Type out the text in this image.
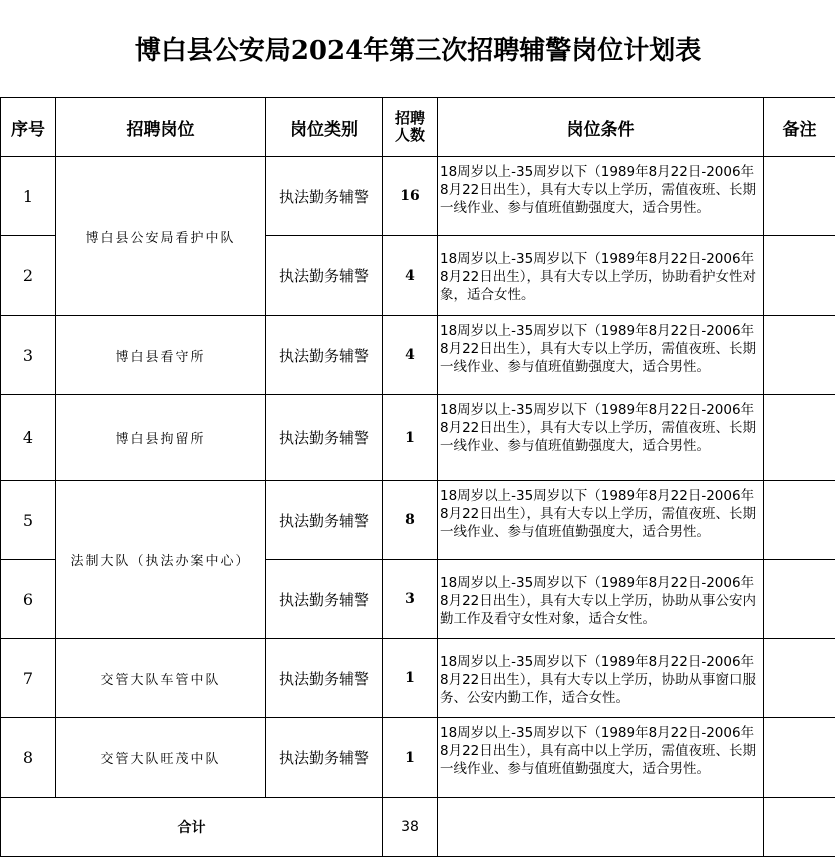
博白县公安局2024年第三次招聘辅警岗位计划表					
序号	招聘岗位	岗位类别	招聘人数	岗位条件	备注
1	博白县公安局看护中队	执法勤务辅警	16	18周岁以上-35周岁以下（1989年8月22日-2006年8月22日出生），具有大专以上学历，需值夜班、长期一线作业、参与值班值勤强度大，适合男性。	
2		执法勤务辅警	4	18周岁以上-35周岁以下（1989年8月22日-2006年8月22日出生），具有大专以上学历，协助看护女性对象，适合女性。	
3	博白县看守所	执法勤务辅警	4	18周岁以上-35周岁以下（1989年8月22日-2006年8月22日出生），具有大专以上学历，需值夜班、长期一线作业、参与值班值勤强度大，适合男性。	
4	博白县拘留所	执法勤务辅警	1	18周岁以上-35周岁以下（1989年8月22日-2006年8月22日出生），具有大专以上学历，需值夜班、长期一线作业、参与值班值勤强度大，适合男性。	
5	法制大队（执法办案中心）	执法勤务辅警	8	18周岁以上-35周岁以下（1989年8月22日-2006年8月22日出生），具有大专以上学历，需值夜班、长期一线作业、参与值班值勤强度大，适合男性。	
6		执法勤务辅警	3	18周岁以上-35周岁以下（1989年8月22日-2006年8月22日出生），具有大专以上学历，协助从事公安内勤工作及看守女性对象，适合女性。	
7	交管大队车管中队	执法勤务辅警	1	18周岁以上-35周岁以下（1989年8月22日-2006年8月22日出生），具有大专以上学历，协助从事窗口服务、公安内勤工作，适合女性。	
8	交管大队旺茂中队	执法勤务辅警	1	18周岁以上-35周岁以下（1989年8月22日-2006年8月22日出生），具有高中以上学历，需值夜班、长期一线作业、参与值班值勤强度大，适合男性。	
合计			38		
